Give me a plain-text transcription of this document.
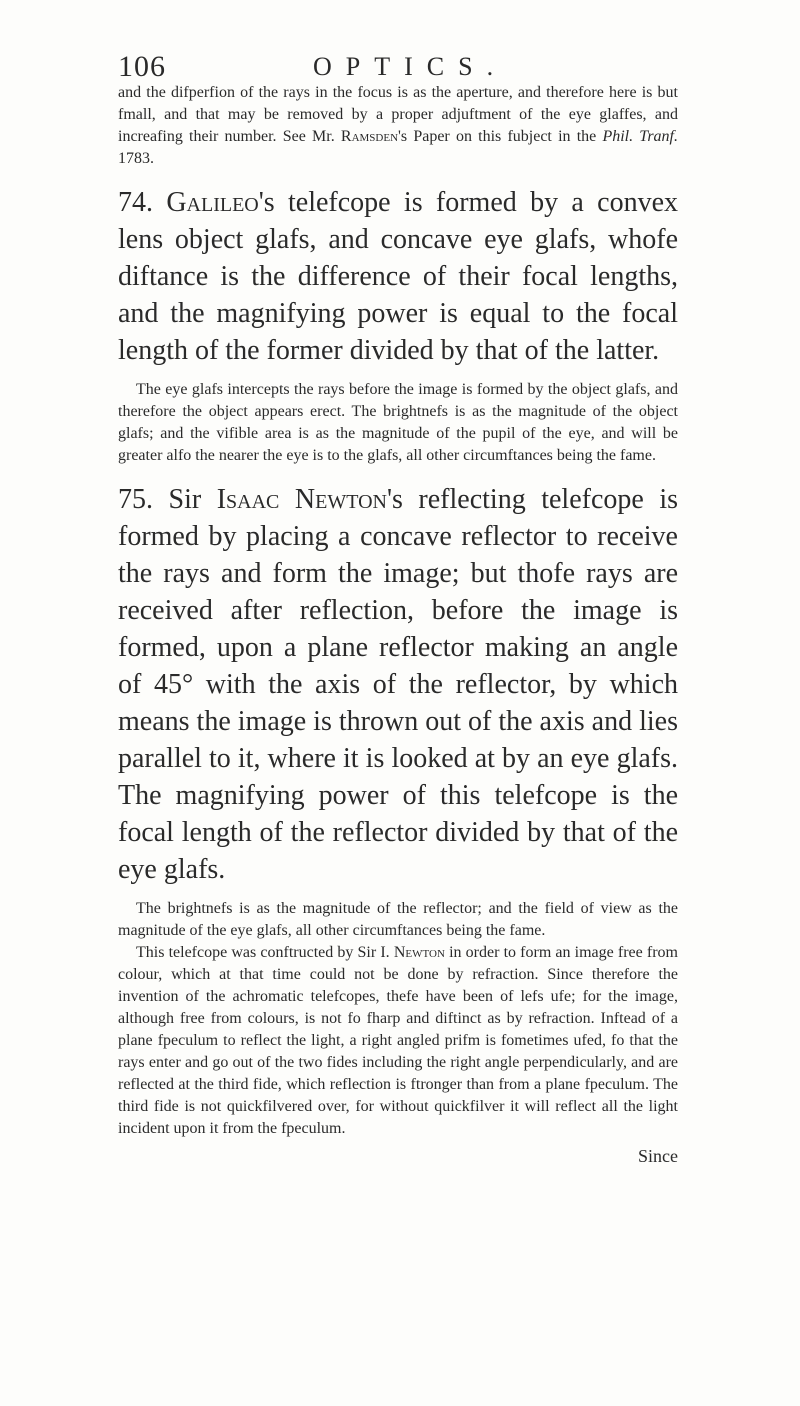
106	OPTICS.

and the difperfion of the rays in the focus is as the aperture, and therefore here is but fmall, and that may be removed by a proper adjuftment of the eye glaffes, and increafing their number. See Mr. Ramsden's Paper on this fubject in the Phil. Tranf. 1783.

74. Galileo's telefcope is formed by a convex lens object glafs, and concave eye glafs, whofe diftance is the difference of their focal lengths, and the magnifying power is equal to the focal length of the former divided by that of the latter.

The eye glafs intercepts the rays before the image is formed by the object glafs, and therefore the object appears erect. The brightnefs is as the magnitude of the object glafs; and the vifible area is as the magnitude of the pupil of the eye, and will be greater alfo the nearer the eye is to the glafs, all other circumftances being the fame.

75. Sir Isaac Newton's reflecting telefcope is formed by placing a concave reflector to receive the rays and form the image; but thofe rays are received after reflection, before the image is formed, upon a plane reflector making an angle of 45° with the axis of the reflector, by which means the image is thrown out of the axis and lies parallel to it, where it is looked at by an eye glafs. The magnifying power of this telefcope is the focal length of the reflector divided by that of the eye glafs.

The brightnefs is as the magnitude of the reflector; and the field of view as the magnitude of the eye glafs, all other circumftances being the fame.

This telefcope was conftructed by Sir I. Newton in order to form an image free from colour, which at that time could not be done by refraction. Since therefore the invention of the achromatic telefcopes, thefe have been of lefs ufe; for the image, although free from colours, is not fo fharp and diftinct as by refraction. Inftead of a plane fpeculum to reflect the light, a right angled prifm is fometimes ufed, fo that the rays enter and go out of the two fides including the right angle perpendicularly, and are reflected at the third fide, which reflection is ftronger than from a plane fpeculum. The third fide is not quickfilvered over, for without quickfilver it will reflect all the light incident upon it from the fpeculum.

Since
